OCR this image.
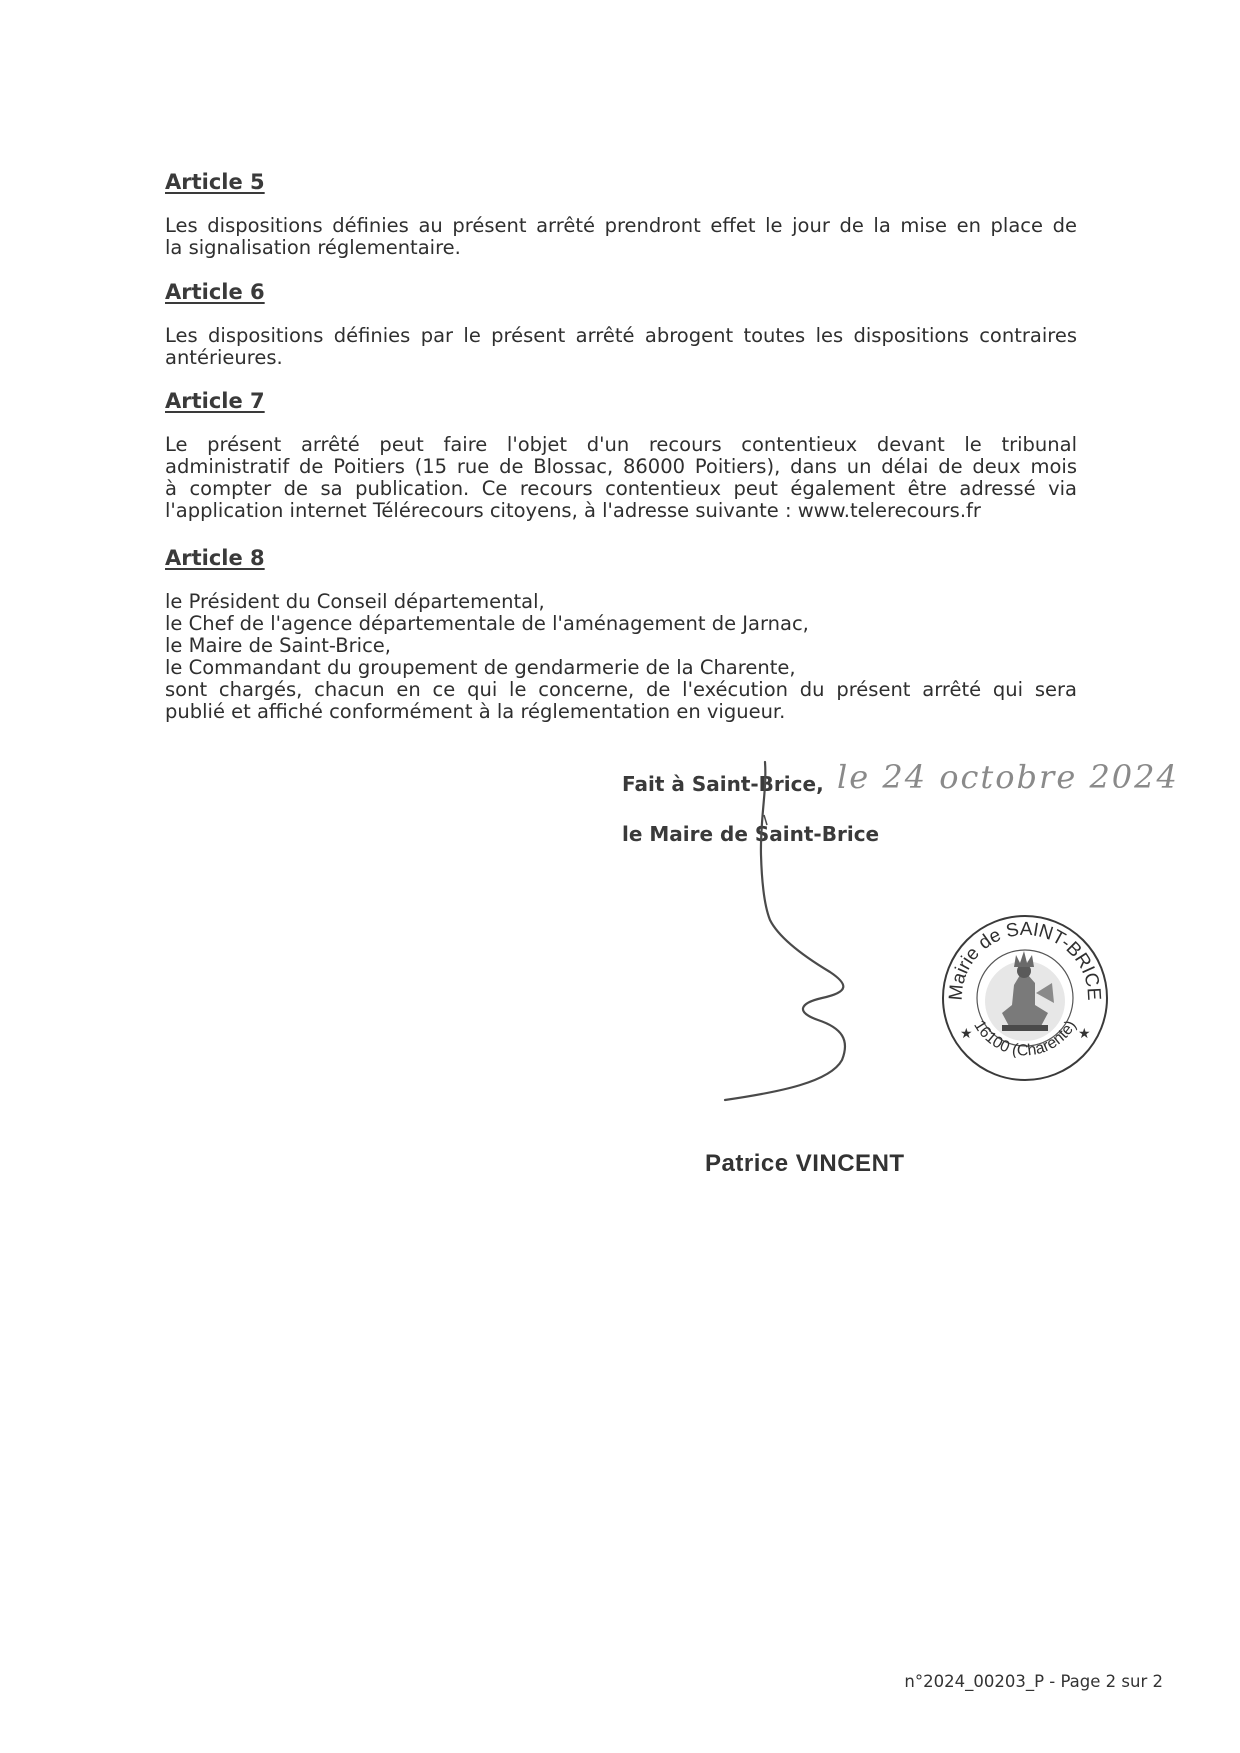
Article 5

Les dispositions définies au présent arrêté prendront effet le jour de la mise en place de
la signalisation réglementaire.

Article 6

Les dispositions définies par le présent arrêté abrogent toutes les dispositions contraires
antérieures.

Article 7

Le présent arrêté peut faire l'objet d'un recours contentieux devant le tribunal
administratif de Poitiers (15 rue de Blossac, 86000 Poitiers), dans un délai de deux mois
à compter de sa publication. Ce recours contentieux peut également être adressé via
l'application internet Télérecours citoyens, à l'adresse suivante : www.telerecours.fr

Article 8

le Président du Conseil départemental,
le Chef de l'agence départementale de l'aménagement de Jarnac,
le Maire de Saint-Brice,
le Commandant du groupement de gendarmerie de la Charente,
sont chargés, chacun en ce qui le concerne, de l'exécution du présent arrêté qui sera
publié et affiché conformément à la réglementation en vigueur.
Fait à Saint-Brice, le 24 octobre 2024
le Maire de Saint-Brice
Mairie de SAINT-BRICE
16100 (Charente)
★	★
Patrice VINCENT
n°2024_00203_P - Page 2 sur 2
